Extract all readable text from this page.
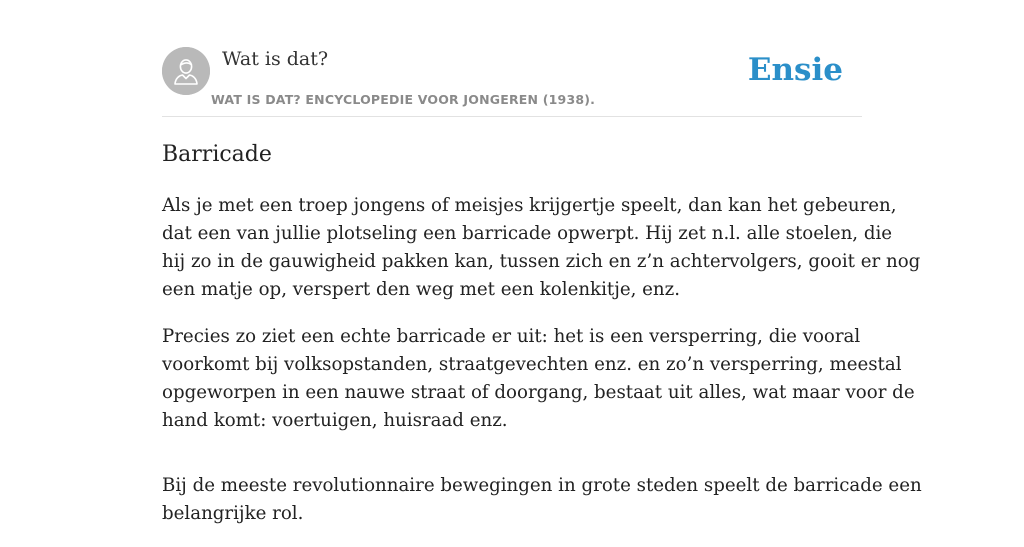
Wat is dat?
WAT IS DAT? ENCYCLOPEDIE VOOR JONGEREN (1938).
Ensie
Barricade

Als je met een troep jongens of meisjes krijgertje speelt, dan kan het gebeuren,
dat een van jullie plotseling een barricade opwerpt. Hij zet n.l. alle stoelen, die
hij zo in de gauwigheid pakken kan, tussen zich en z’n achtervolgers, gooit er nog
een matje op, verspert den weg met een kolenkitje, enz.

Precies zo ziet een echte barricade er uit: het is een versperring, die vooral
voorkomt bij volksopstanden, straatgevechten enz. en zo’n versperring, meestal
opgeworpen in een nauwe straat of doorgang, bestaat uit alles, wat maar voor de
hand komt: voertuigen, huisraad enz.

Bij de meeste revolutionnaire bewegingen in grote steden speelt de barricade een
belangrijke rol.
